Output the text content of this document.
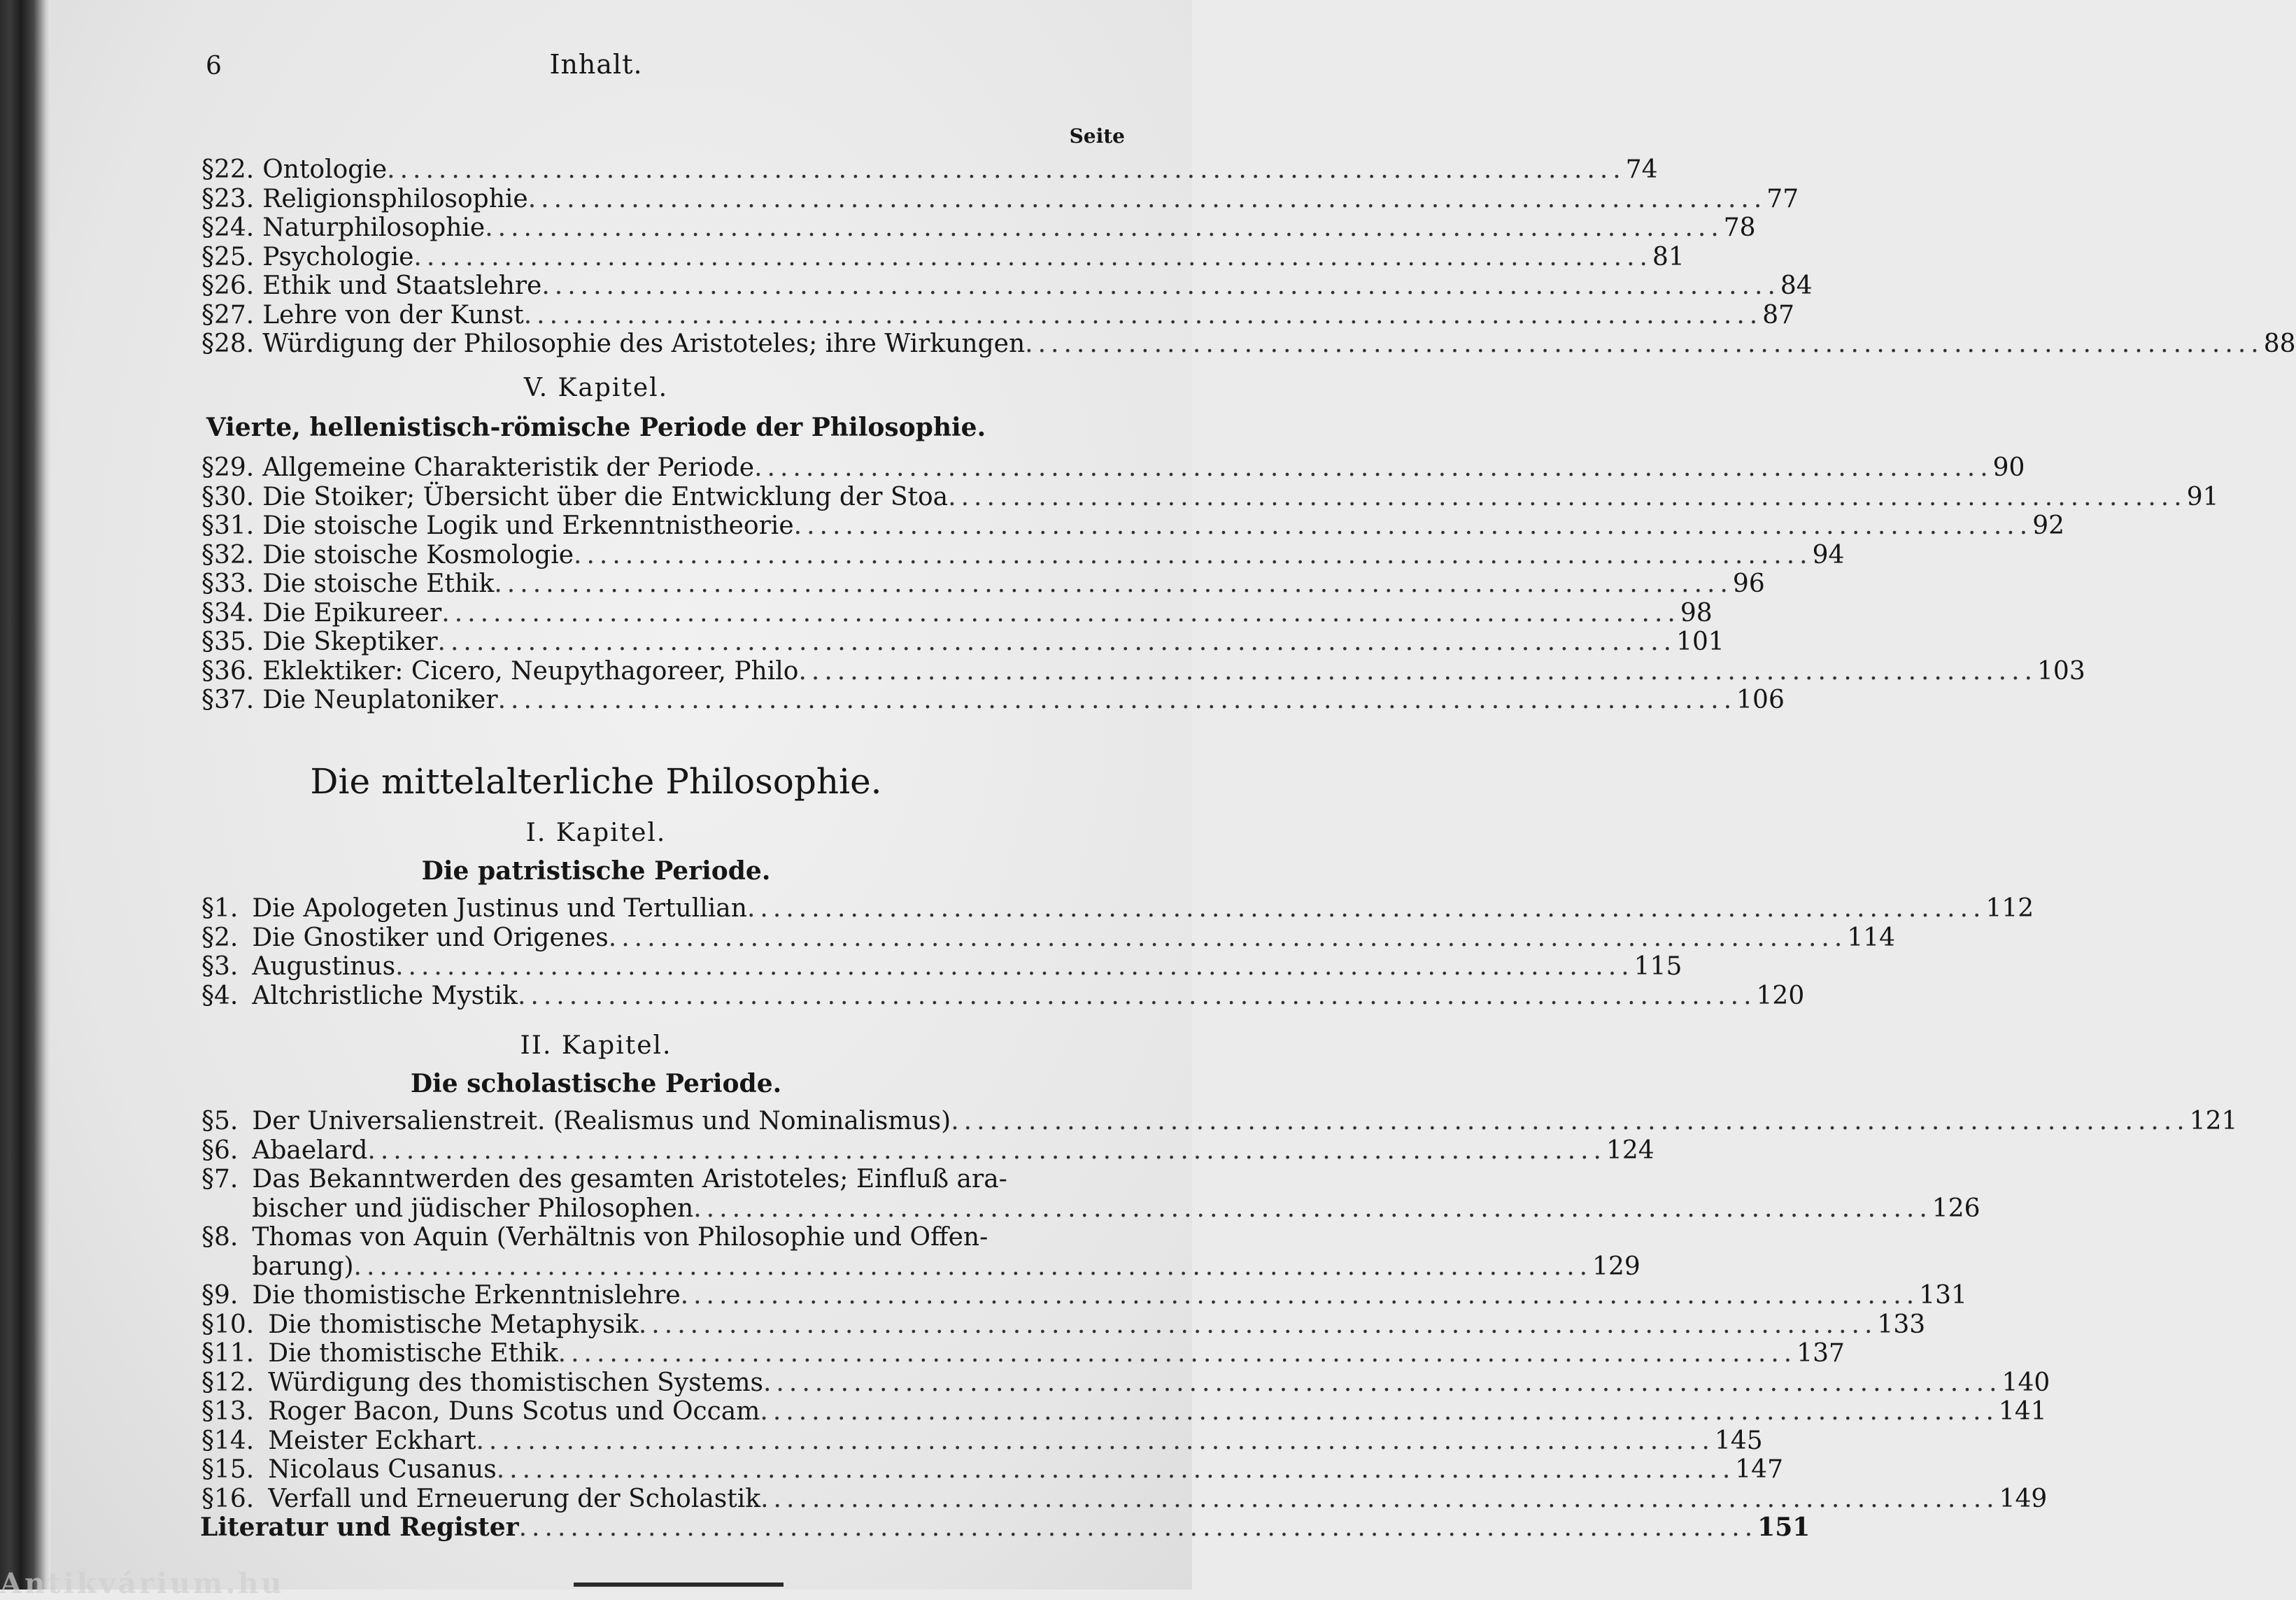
6	Inhalt.
Seite
§ 22. Ontologie ................................................................................................ 74
§ 23. Religionsphilosophie ................................................................................................ 77
§ 24. Naturphilosophie ................................................................................................ 78
§ 25. Psychologie ................................................................................................ 81
§ 26. Ethik und Staatslehre ................................................................................................ 84
§ 27. Lehre von der Kunst ................................................................................................ 87
§ 28. Würdigung der Philosophie des Aristoteles; ihre Wirkungen ................................................................................................ 88
V. Kapitel.
Vierte, hellenistisch-römische Periode der Philosophie.
§ 29. Allgemeine Charakteristik der Periode ................................................................................................ 90
§ 30. Die Stoiker; Übersicht über die Entwicklung der Stoa ................................................................................................ 91
§ 31. Die stoische Logik und Erkenntnistheorie ................................................................................................ 92
§ 32. Die stoische Kosmologie ................................................................................................ 94
§ 33. Die stoische Ethik ................................................................................................ 96
§ 34. Die Epikureer ................................................................................................ 98
§ 35. Die Skeptiker ................................................................................................ 101
§ 36. Eklektiker: Cicero, Neupythagoreer, Philo ................................................................................................ 103
§ 37. Die Neuplatoniker ................................................................................................ 106
Die mittelalterliche Philosophie.
I. Kapitel.
Die patristische Periode.
§ 1. Die Apologeten Justinus und Tertullian ................................................................................................ 112
§ 2. Die Gnostiker und Origenes ................................................................................................ 114
§ 3. Augustinus ................................................................................................ 115
§ 4. Altchristliche Mystik ................................................................................................ 120
II. Kapitel.
Die scholastische Periode.
§ 5. Der Universalienstreit. (Realismus und Nominalismus) ................................................................................................ 121
§ 6. Abaelard ................................................................................................ 124
§ 7. Das Bekanntwerden des gesamten Aristoteles; Einfluß ara-
bischer und jüdischer Philosophen ................................................................................................ 126
§ 8. Thomas von Aquin (Verhältnis von Philosophie und Offen-
barung) ................................................................................................ 129
§ 9. Die thomistische Erkenntnislehre ................................................................................................ 131
§ 10. Die thomistische Metaphysik ................................................................................................ 133
§ 11. Die thomistische Ethik ................................................................................................ 137
§ 12. Würdigung des thomistischen Systems ................................................................................................ 140
§ 13. Roger Bacon, Duns Scotus und Occam ................................................................................................ 141
§ 14. Meister Eckhart ................................................................................................ 145
§ 15. Nicolaus Cusanus ................................................................................................ 147
§ 16. Verfall und Erneuerung der Scholastik ................................................................................................ 149
Literatur und Register ................................................................................................ 151
Antikvárium.hu
